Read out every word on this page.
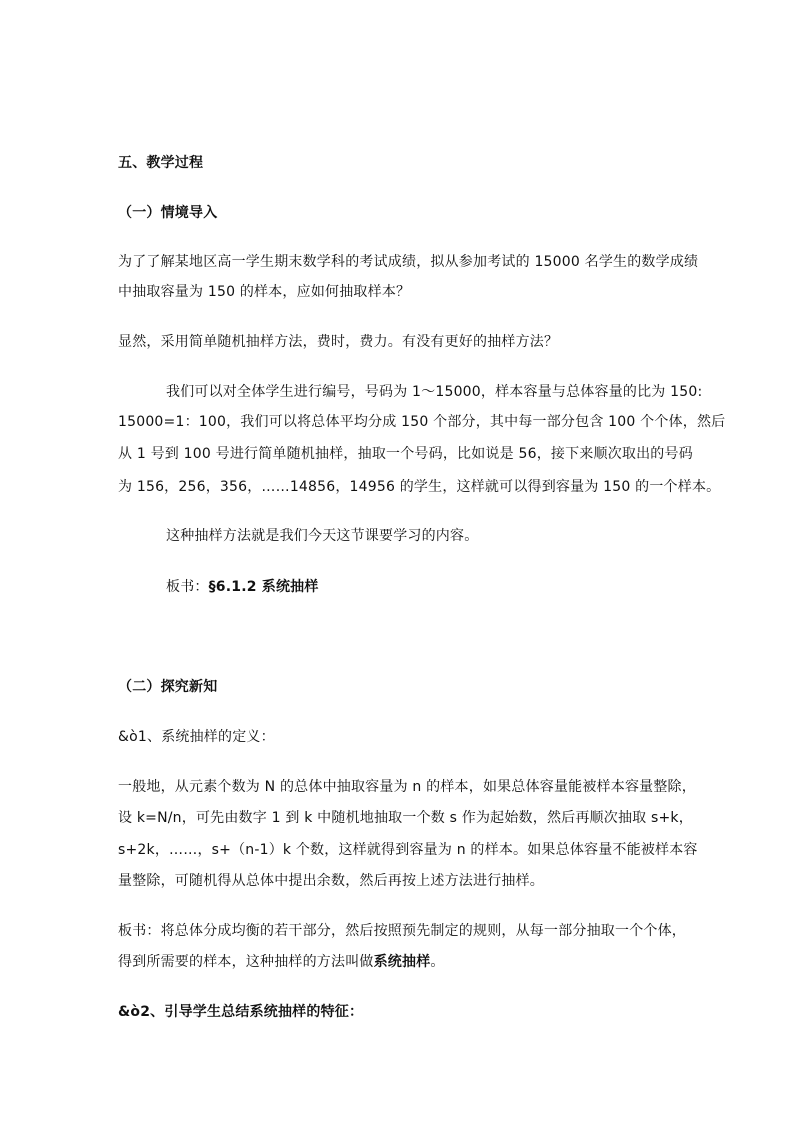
五、教学过程
（一）情境导入
为了了解某地区高一学生期末数学科的考试成绩，拟从参加考试的 15000 名学生的数学成绩
中抽取容量为 150 的样本，应如何抽取样本？
显然，采用简单随机抽样方法，费时，费力。有没有更好的抽样方法？
我们可以对全体学生进行编号，号码为 1～15000，样本容量与总体容量的比为 150:
15000=1：100，我们可以将总体平均分成 150 个部分，其中每一部分包含 100 个个体，然后
从 1 号到 100 号进行简单随机抽样，抽取一个号码，比如说是 56，接下来顺次取出的号码
为 156，256，356，……14856，14956 的学生，这样就可以得到容量为 150 的一个样本。
这种抽样方法就是我们今天这节课要学习的内容。
板书：§6.1.2 系统抽样
（二）探究新知
&ò1、系统抽样的定义：
一般地，从元素个数为 N 的总体中抽取容量为 n 的样本，如果总体容量能被样本容量整除，
设 k=N/n，可先由数字 1 到 k 中随机地抽取一个数 s 作为起始数，然后再顺次抽取 s+k，
s+2k，……，s+（n-1）k 个数，这样就得到容量为 n 的样本。如果总体容量不能被样本容
量整除，可随机得从总体中提出余数，然后再按上述方法进行抽样。
板书：将总体分成均衡的若干部分，然后按照预先制定的规则，从每一部分抽取一个个体，
得到所需要的样本，这种抽样的方法叫做系统抽样。
&ò2、引导学生总结系统抽样的特征：
